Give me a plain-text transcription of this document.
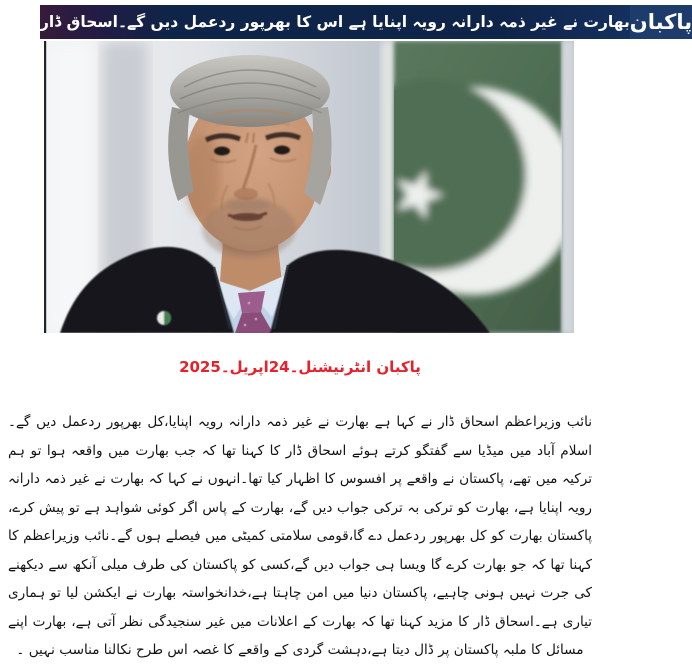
بھارت نے غیر ذمہ دارانہ رویہ اپنایا ہے اس کا بھرپور ردعمل دیں گے۔اسحاق ڈار پاکبان
پاکبان انٹرنیشنل۔24اپریل۔2025

نائب وزیراعظم اسحاق ڈار نے کہا ہے بھارت نے غیر ذمہ دارانہ رویہ اپنایا،کل بھرپور ردعمل دیں گے۔اسلام آباد میں میڈیا سے گفتگو کرتے ہوئے اسحاق ڈار کا کہنا تھا کہ جب بھارت میں واقعہ ہوا تو ہم ترکیہ میں تھے، پاکستان نے واقعے پر افسوس کا اظہار کیا تھا۔انہوں نے کہا کہ بھارت نے غیر ذمہ دارانہ رویہ اپنایا ہے، بھارت کو ترکی بہ ترکی جواب دیں گے، بھارت کے پاس اگر کوئی شواہد ہے تو پیش کرے، پاکستان بھارت کو کل بھرپور ردعمل دے گا،قومی سلامتی کمیٹی میں فیصلے ہوں گے۔نائب وزیراعظم کا کہنا تھا کہ جو بھارت کرے گا ویسا ہی جواب دیں گے،کسی کو پاکستان کی طرف میلی آنکھ سے دیکھنے کی جرت نہیں ہونی چاہیے، پاکستان دنیا میں امن چاہتا ہے،خدانخواستہ بھارت نے ایکشن لیا تو ہماری تیاری ہے۔اسحاق ڈار کا مزید کہنا تھا کہ بھارت کے اعلانات میں غیر سنجیدگی نظر آتی ہے، بھارت اپنے مسائل کا ملبہ پاکستان پر ڈال دیتا ہے،دہشت گردی کے واقعے کا غصہ اس طرح نکالنا مناسب نہیں ۔
